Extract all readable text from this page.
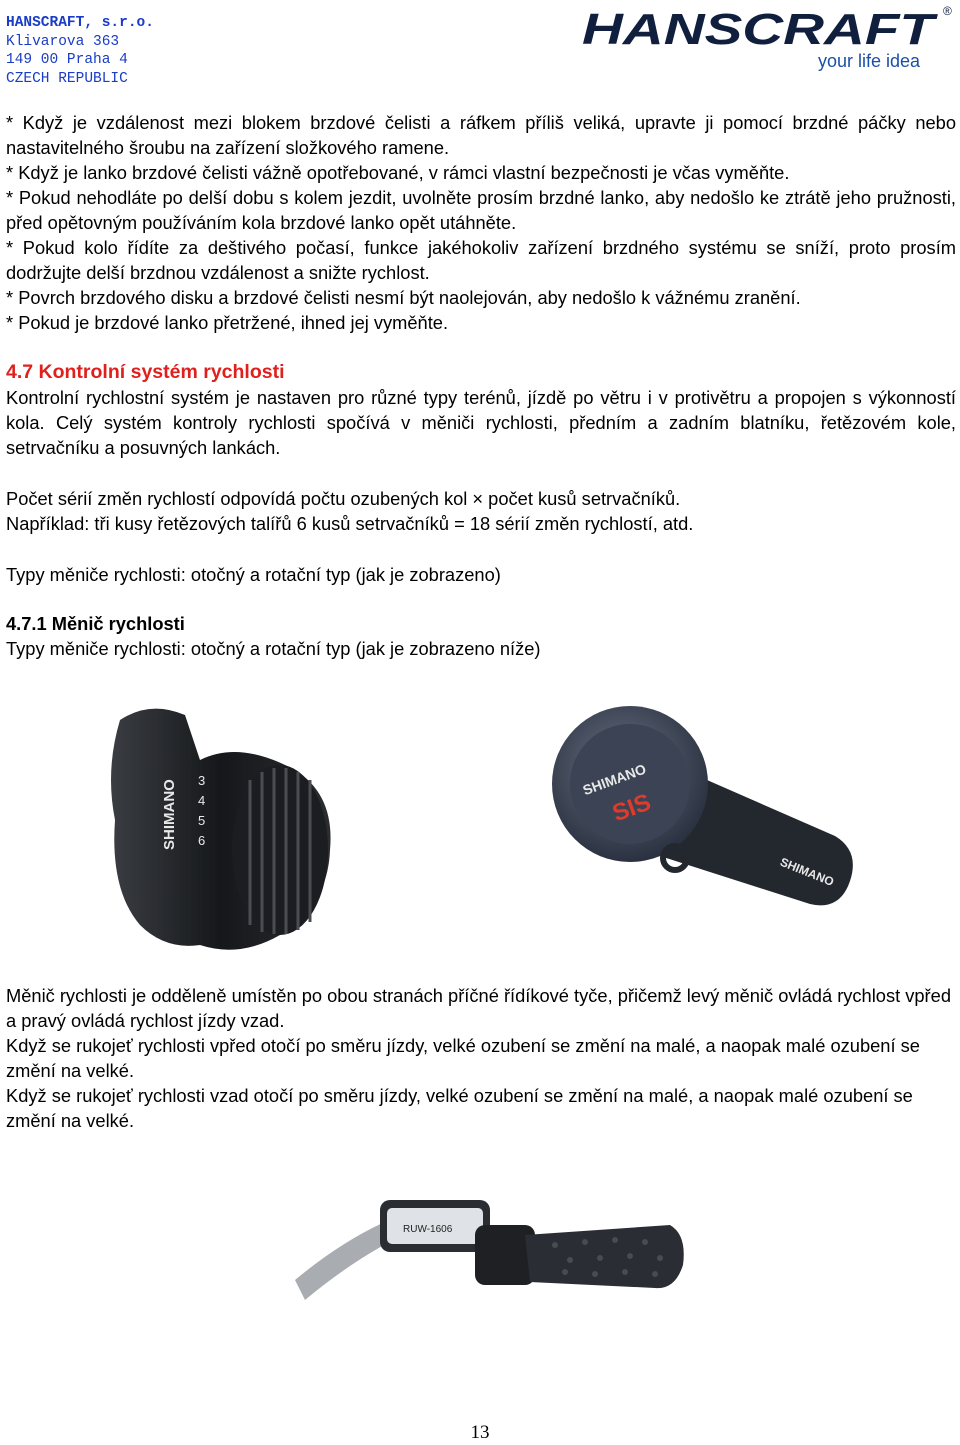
HANSCRAFT, s.r.o.
Klivarova 363
149 00 Praha 4
CZECH REPUBLIC
HANSCRAFT ®
your life idea

* Když je vzdálenost mezi blokem brzdové čelisti a ráfkem příliš veliká, upravte ji pomocí brzdné páčky nebo nastavitelného šroubu na zařízení složkového ramene.

* Když je lanko brzdové čelisti vážně opotřebované, v rámci vlastní bezpečnosti je včas vyměňte.

* Pokud nehodláte po delší dobu s kolem jezdit, uvolněte prosím brzdné lanko, aby nedošlo ke ztrátě jeho pružnosti, před opětovným používáním kola brzdové lanko opět utáhněte.

* Pokud kolo řídíte za deštivého počasí, funkce jakéhokoliv zařízení brzdného systému se sníží, proto prosím dodržujte delší brzdnou vzdálenost a snižte rychlost.

* Povrch brzdového disku a brzdové čelisti nesmí být naolejován, aby nedošlo k vážnému zranění.

* Pokud je brzdové lanko přetržené, ihned jej vyměňte.

4.7 Kontrolní systém rychlosti

Kontrolní rychlostní systém je nastaven pro různé typy terénů, jízdě po větru i v protivětru a propojen s výkonností kola. Celý systém kontroly rychlosti spočívá v měniči rychlosti, předním a zadním blatníku, řetězovém kole, setrvačníku a posuvných lankách.

Počet sérií změn rychlostí odpovídá počtu ozubených kol × počet kusů setrvačníků.

Například: tři kusy řetězových talířů 6 kusů setrvačníků = 18 sérií změn rychlostí, atd.

Typy měniče rychlosti: otočný a rotační typ (jak je zobrazeno)

4.7.1 Měnič rychlosti

Typy měniče rychlosti: otočný a rotační typ (jak je zobrazeno níže)

SHIMANO 3
4
5
6
SHIMANO
SIS
SHIMANO

Měnič rychlosti je odděleně umístěn po obou stranách příčné řídíkové tyče, přičemž levý měnič ovládá rychlost vpřed a pravý ovládá rychlost jízdy vzad.

Když se rukojeť rychlosti vpřed otočí po směru jízdy, velké ozubení se změní na malé, a naopak malé ozubení se změní na velké.

Když se rukojeť rychlosti vzad otočí po směru jízdy, velké ozubení se změní na malé, a naopak malé ozubení se změní na velké.

RUW-1606
13
